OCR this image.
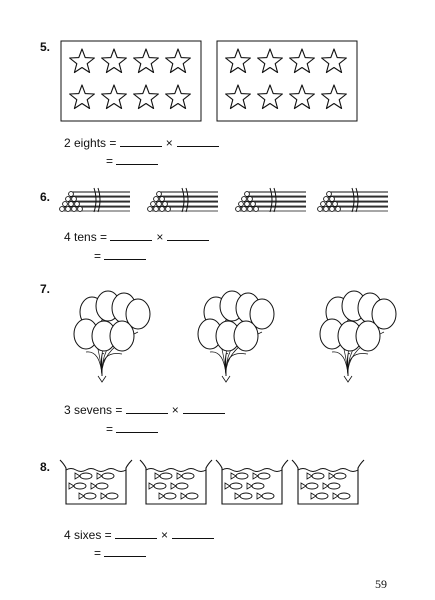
5.
2 eights =	×
=
6.
4 tens =	×
=
7.
3 sevens =	×
=
8.
4 sixes =	×
=
59
